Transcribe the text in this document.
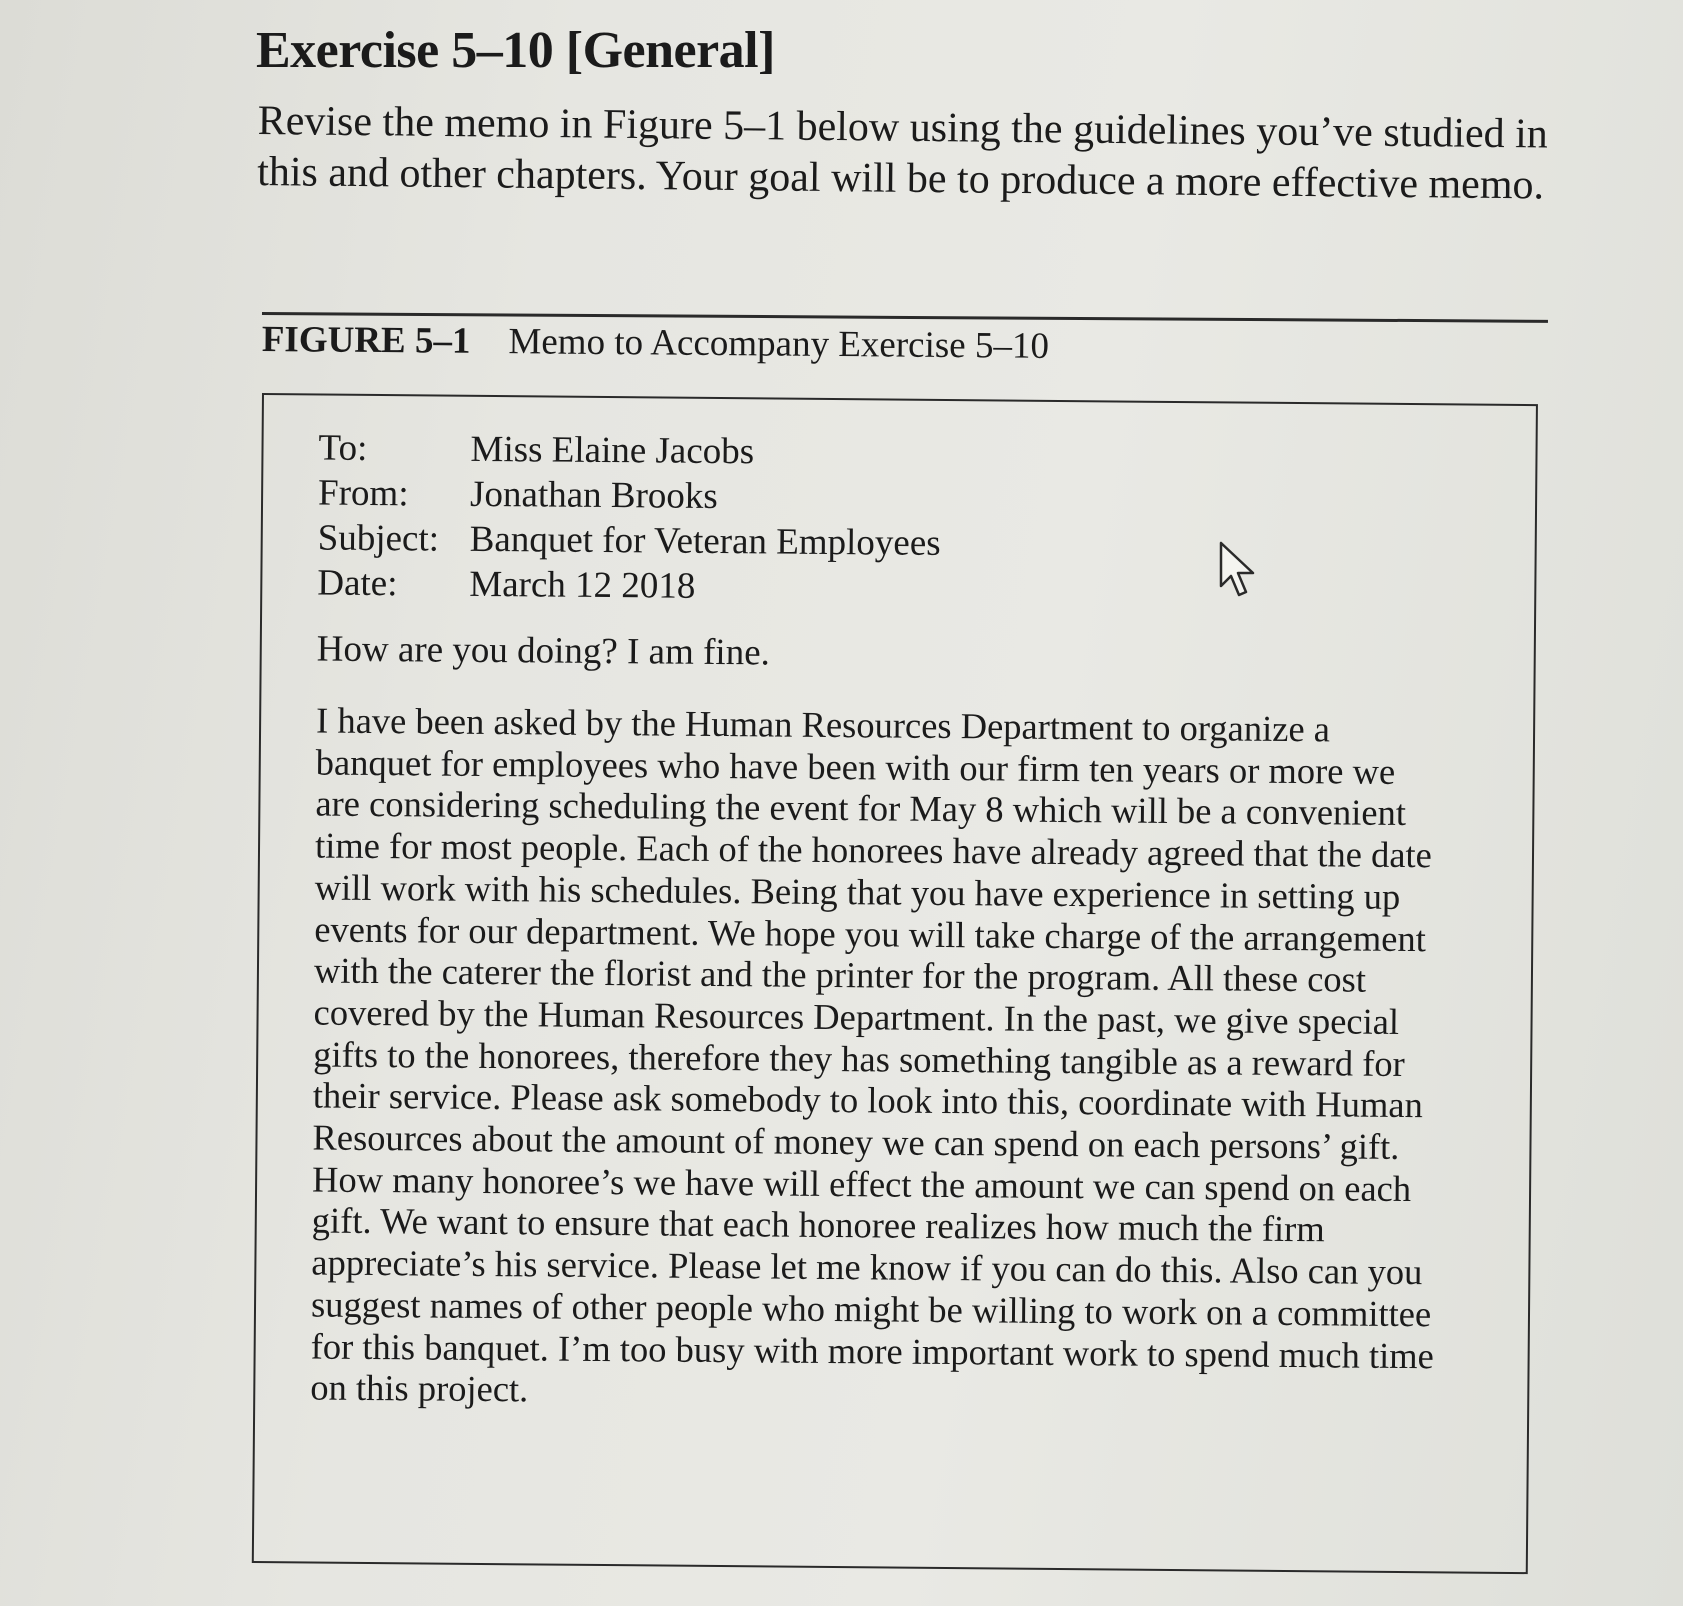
Exercise 5–10 [General]

Revise the memo in Figure 5–1 below using the guidelines you’ve studied in this and other chapters. Your goal will be to produce a more effective memo.

FIGURE 5–1 Memo to Accompany Exercise 5–10

To:	Miss Elaine Jacobs
From:	Jonathan Brooks
Subject: Banquet for Veteran Employees
Date:	March 12 2018

How are you doing? I am fine.

I have been asked by the Human Resources Department to organize a banquet for employees who have been with our firm ten years or more we are considering scheduling the event for May 8 which will be a convenient time for most people. Each of the honorees have already agreed that the date will work with his schedules. Being that you have experience in setting up events for our department. We hope you will take charge of the arrangement with the caterer the florist and the printer for the program. All these cost covered by the Human Resources Department. In the past, we give special gifts to the honorees, therefore they has something tangible as a reward for their service. Please ask somebody to look into this, coordinate with Human Resources about the amount of money we can spend on each persons’ gift. How many honoree’s we have will effect the amount we can spend on each gift. We want to ensure that each honoree realizes how much the firm appreciate’s his service. Please let me know if you can do this. Also can you suggest names of other people who might be willing to work on a committee for this banquet. I’m too busy with more important work to spend much time on this project.
